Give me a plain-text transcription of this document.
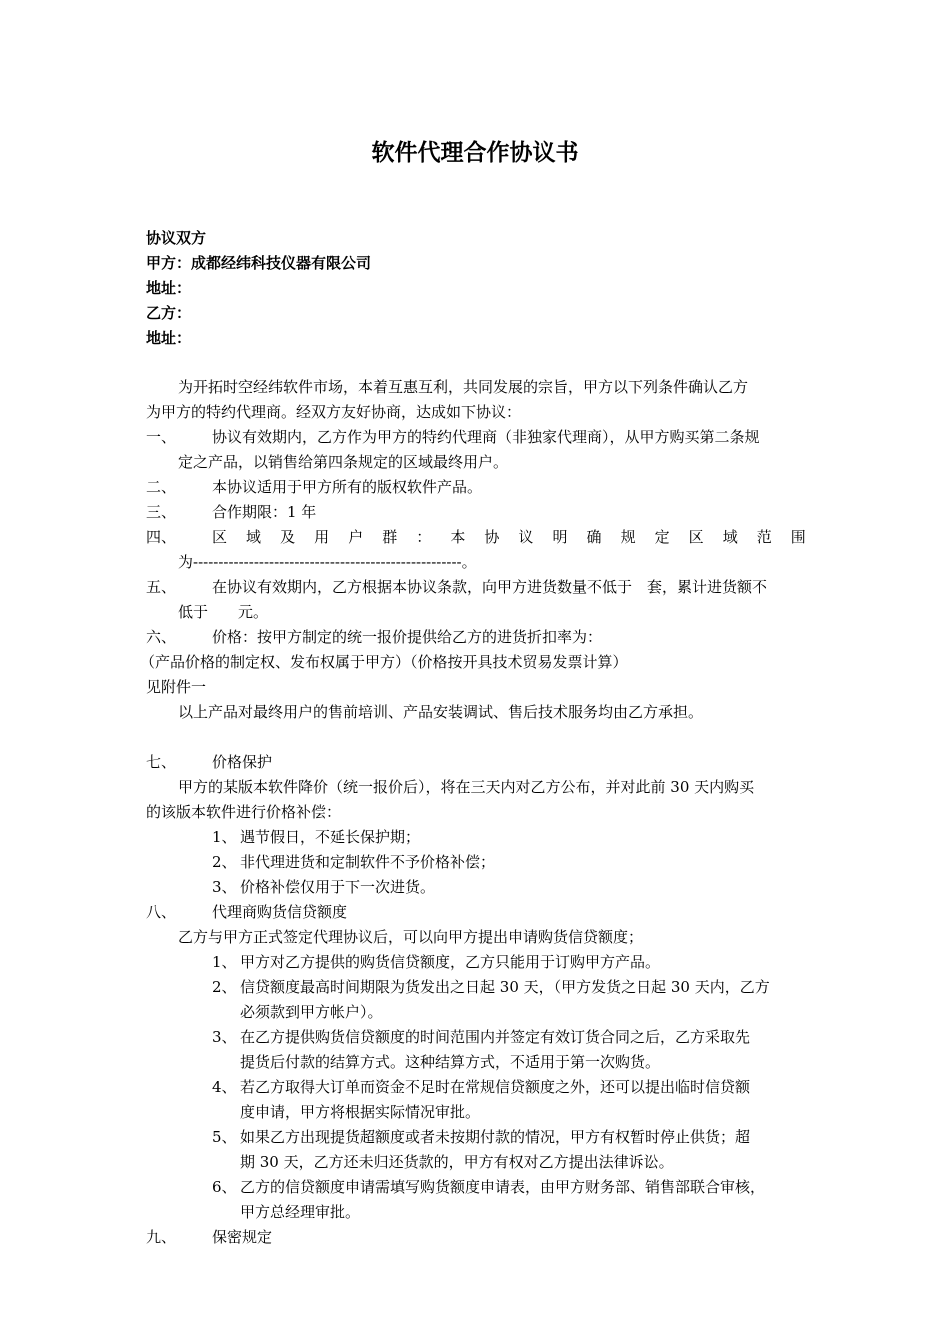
软件代理合作协议书
协议双方
甲方：成都经纬科技仪器有限公司
地址：
乙方：
地址：
为开拓时空经纬软件市场，本着互惠互利，共同发展的宗旨，甲方以下列条件确认乙方
为甲方的特约代理商。经双方友好协商，达成如下协议：
一、 协议有效期内，乙方作为甲方的特约代理商（非独家代理商），从甲方购买第二条规
定之产品，以销售给第四条规定的区域最终用户。
二、 本协议适用于甲方所有的版权软件产品。
三、 合作期限：1 年
四、	区 域 及 用 户 群 ： 本 协 议 明 确 规 定 区 域 范 围
为-----------------------------------------------------。
五、 在协议有效期内，乙方根据本协议条款，向甲方进货数量不低于　套，累计进货额不
低于　　元。
六、 价格：按甲方制定的统一报价提供给乙方的进货折扣率为：
（产品价格的制定权、发布权属于甲方）（价格按开具技术贸易发票计算）
见附件一
以上产品对最终用户的售前培训、产品安装调试、售后技术服务均由乙方承担。
七、 价格保护
甲方的某版本软件降价（统一报价后），将在三天内对乙方公布，并对此前 30 天内购买
的该版本软件进行价格补偿：
1、 遇节假日，不延长保护期；
2、 非代理进货和定制软件不予价格补偿；
3、 价格补偿仅用于下一次进货。
八、 代理商购货信贷额度
乙方与甲方正式签定代理协议后，可以向甲方提出申请购货信贷额度；
1、 甲方对乙方提供的购货信贷额度，乙方只能用于订购甲方产品。
2、 信贷额度最高时间期限为货发出之日起 30 天，（甲方发货之日起 30 天内，乙方
必须款到甲方帐户）。
3、 在乙方提供购货信贷额度的时间范围内并签定有效订货合同之后，乙方采取先
提货后付款的结算方式。这种结算方式，不适用于第一次购货。
4、 若乙方取得大订单而资金不足时在常规信贷额度之外，还可以提出临时信贷额
度申请，甲方将根据实际情况审批。
5、 如果乙方出现提货超额度或者未按期付款的情况，甲方有权暂时停止供货；超
期 30 天，乙方还未归还货款的，甲方有权对乙方提出法律诉讼。
6、 乙方的信贷额度申请需填写购货额度申请表，由甲方财务部、销售部联合审核，
甲方总经理审批。
九、 保密规定
